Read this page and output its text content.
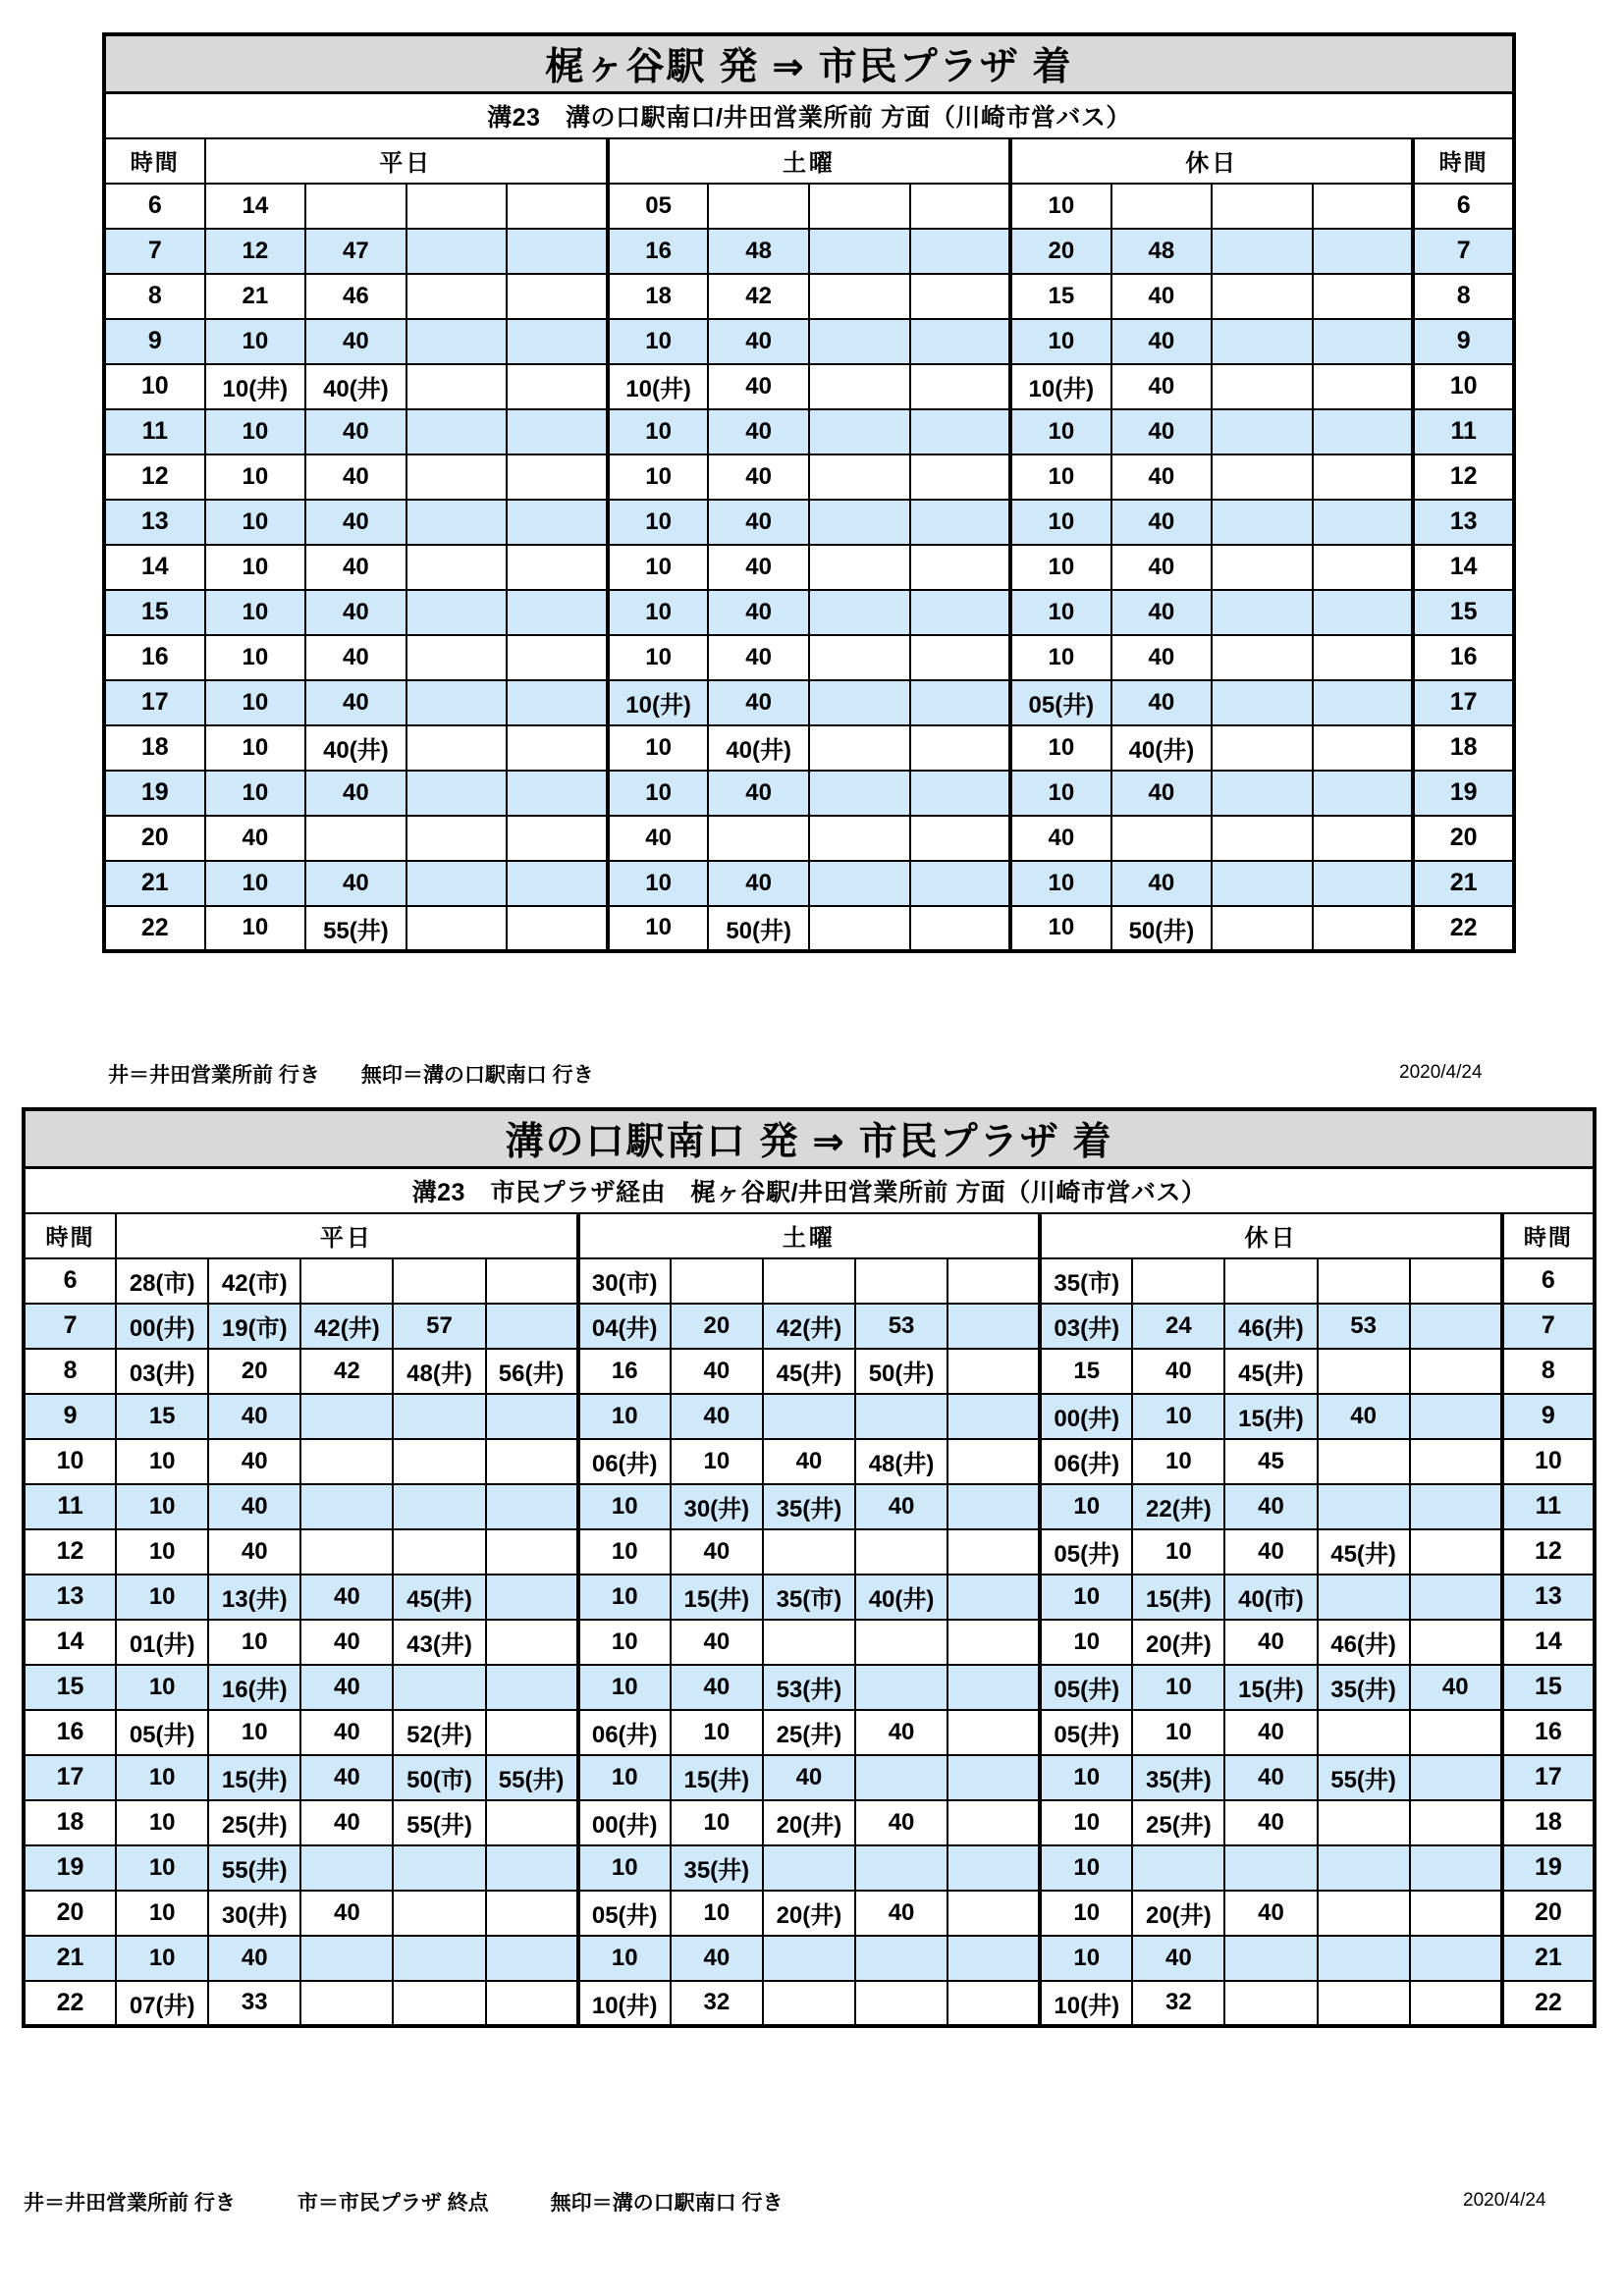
梶ヶ谷駅 発 ⇒ 市民プラザ 着													
溝23　溝の口駅南口/井田営業所前 方面（川崎市営バス）													
時間	平日				土曜				休日				時間
6	14				05				10				6
7	12	47			16	48			20	48			7
8	21	46			18	42			15	40			8
9	10	40			10	40			10	40			9
10	10(井)	40(井)			10(井)	40			10(井)	40			10
11	10	40			10	40			10	40			11
12	10	40			10	40			10	40			12
13	10	40			10	40			10	40			13
14	10	40			10	40			10	40			14
15	10	40			10	40			10	40			15
16	10	40			10	40			10	40			16
17	10	40			10(井)	40			05(井)	40			17
18	10	40(井)			10	40(井)			10	40(井)			18
19	10	40			10	40			10	40			19
20	40				40				40				20
21	10	40			10	40			10	40			21
22	10	55(井)			10	50(井)			10	50(井)			22
井＝井田営業所前 行き　　無印＝溝の口駅南口 行き	2020/4/24
溝の口駅南口 発 ⇒ 市民プラザ 着																
溝23　市民プラザ経由　梶ヶ谷駅/井田営業所前 方面（川崎市営バス）																
時間	平日					土曜					休日					時間
6	28(市)	42(市)				30(市)					35(市)					6
7	00(井)	19(市)	42(井)	57		04(井)	20	42(井)	53		03(井)	24	46(井)	53		7
8	03(井)	20	42	48(井)	56(井)	16	40	45(井)	50(井)		15	40	45(井)			8
9	15	40				10	40				00(井)	10	15(井)	40		9
10	10	40				06(井)	10	40	48(井)		06(井)	10	45			10
11	10	40				10	30(井)	35(井)	40		10	22(井)	40			11
12	10	40				10	40				05(井)	10	40	45(井)		12
13	10	13(井)	40	45(井)		10	15(井)	35(市)	40(井)		10	15(井)	40(市)			13
14	01(井)	10	40	43(井)		10	40				10	20(井)	40	46(井)		14
15	10	16(井)	40			10	40	53(井)			05(井)	10	15(井)	35(井)	40	15
16	05(井)	10	40	52(井)		06(井)	10	25(井)	40		05(井)	10	40			16
17	10	15(井)	40	50(市)	55(井)	10	15(井)	40			10	35(井)	40	55(井)		17
18	10	25(井)	40	55(井)		00(井)	10	20(井)	40		10	25(井)	40			18
19	10	55(井)				10	35(井)				10					19
20	10	30(井)	40			05(井)	10	20(井)	40		10	20(井)	40			20
21	10	40				10	40				10	40				21
22	07(井)	33				10(井)	32				10(井)	32				22
井＝井田営業所前 行き　　　市＝市民プラザ 終点　　　無印＝溝の口駅南口 行き	2020/4/24
